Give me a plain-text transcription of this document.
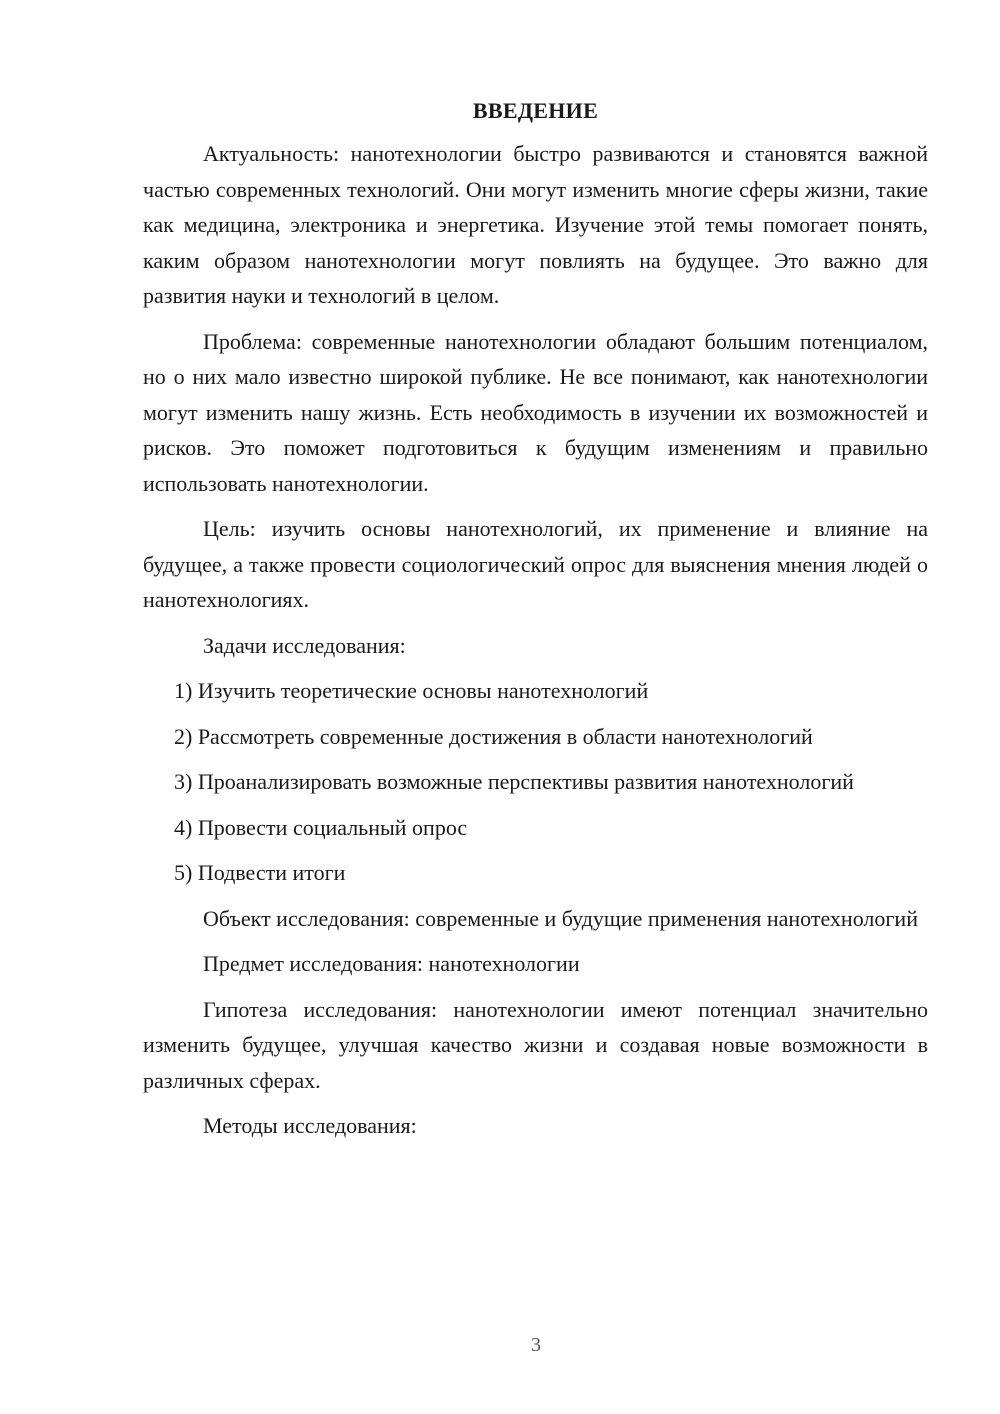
ВВЕДЕНИЕ

Актуальность: нанотехнологии быстро развиваются и становятся важной частью современных технологий. Они могут изменить многие сферы жизни, такие как медицина, электроника и энергетика. Изучение этой темы помогает понять, каким образом нанотехнологии могут повлиять на будущее. Это важно для развития науки и технологий в целом.

Проблема: современные нанотехнологии обладают большим потенциалом, но о них мало известно широкой публике. Не все понимают, как нанотехнологии могут изменить нашу жизнь. Есть необходимость в изучении их возможностей и рисков. Это поможет подготовиться к будущим изменениям и правильно использовать нанотехнологии.

Цель: изучить основы нанотехнологий, их применение и влияние на будущее, а также провести социологический опрос для выяснения мнения людей о нанотехнологиях.

Задачи исследования:

1) Изучить теоретические основы нанотехнологий

2) Рассмотреть современные достижения в области нанотехнологий

3) Проанализировать возможные перспективы развития нанотехнологий

4) Провести социальный опрос

5) Подвести итоги

Объект исследования: современные и будущие применения нанотехнологий

Предмет исследования: нанотехнологии

Гипотеза исследования: нанотехнологии имеют потенциал значительно изменить будущее, улучшая качество жизни и создавая новые возможности в различных сферах.

Методы исследования:

3
